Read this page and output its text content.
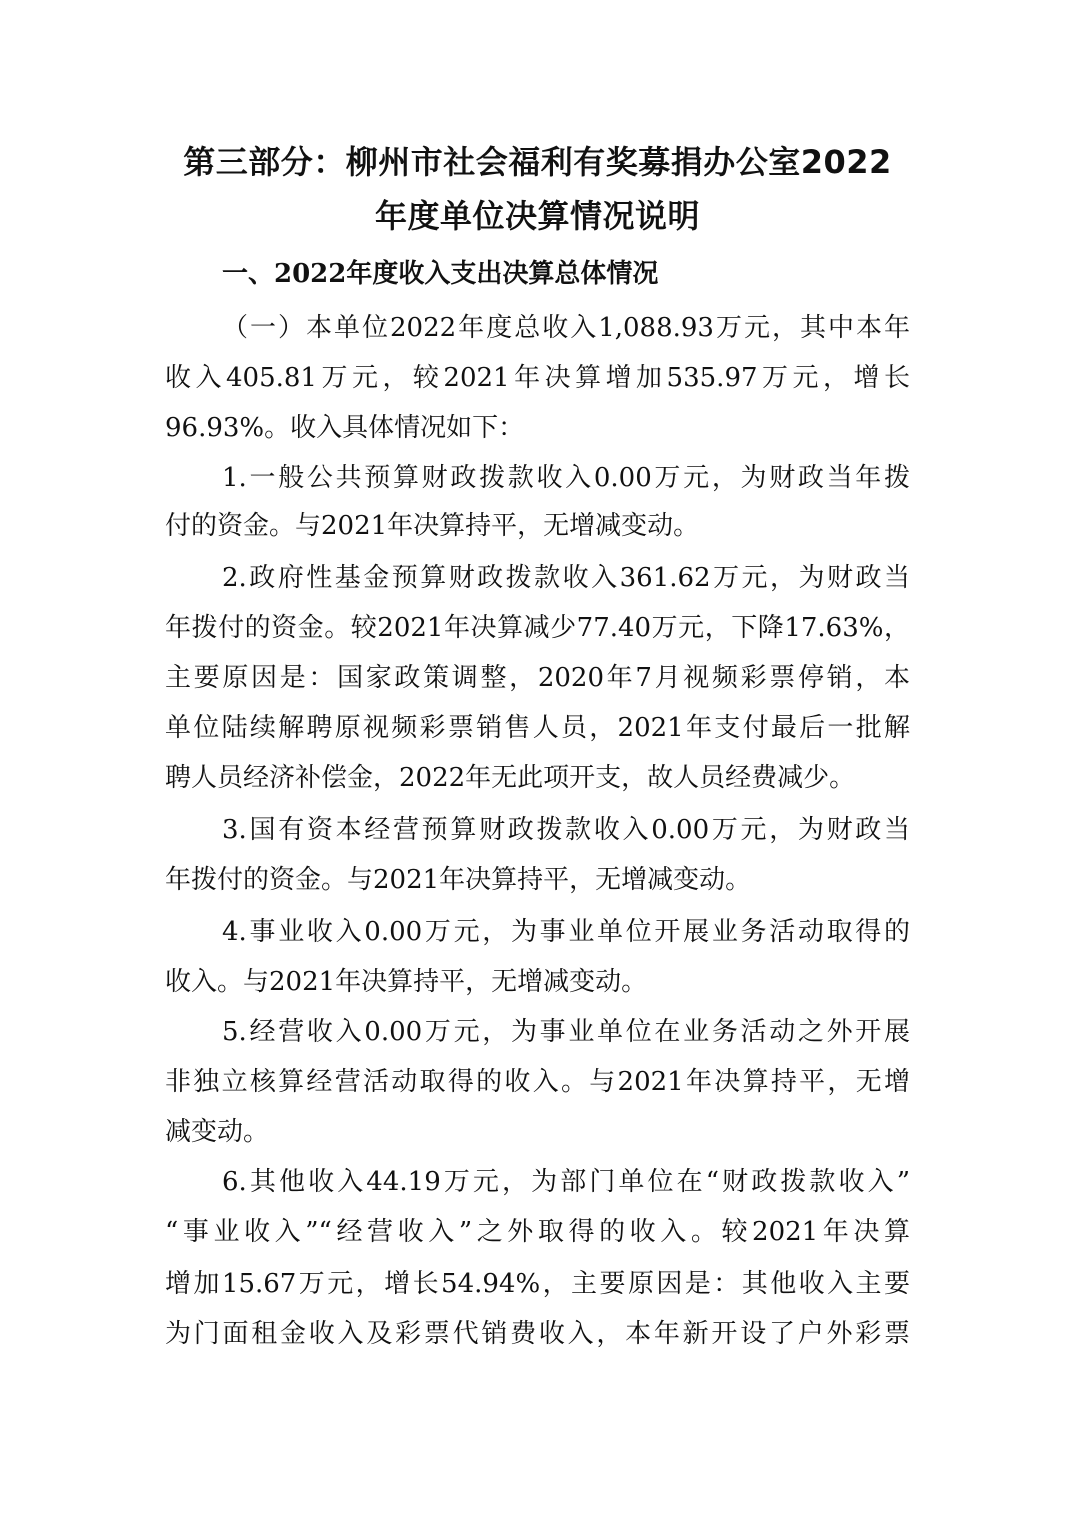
第三部分：柳州市社会福利有奖募捐办公室2022
年度单位决算情况说明
一、2022年度收入支出决算总体情况
（一）本单位2022年度总收入1,088.93万元，其中本年
收入405.81万元，较2021年决算增加535.97万元，增长
96.93%。收入具体情况如下：
1.一般公共预算财政拨款收入0.00万元，为财政当年拨
付的资金。与2021年决算持平，无增减变动。
2.政府性基金预算财政拨款收入361.62万元，为财政当
年拨付的资金。较2021年决算减少77.40万元，下降17.63%，
主要原因是：国家政策调整，2020年7月视频彩票停销，本
单位陆续解聘原视频彩票销售人员，2021年支付最后一批解
聘人员经济补偿金，2022年无此项开支，故人员经费减少。
3.国有资本经营预算财政拨款收入0.00万元，为财政当
年拨付的资金。与2021年决算持平，无增减变动。
4.事业收入0.00万元，为事业单位开展业务活动取得的
收入。与2021年决算持平，无增减变动。
5.经营收入0.00万元，为事业单位在业务活动之外开展
非独立核算经营活动取得的收入。与2021年决算持平，无增
减变动。
6.其他收入44.19万元，为部门单位在“财政拨款收入”
“事业收入”“经营收入”之外取得的收入。较2021年决算
增加15.67万元，增长54.94%，主要原因是：其他收入主要
为门面租金收入及彩票代销费收入，本年新开设了户外彩票
